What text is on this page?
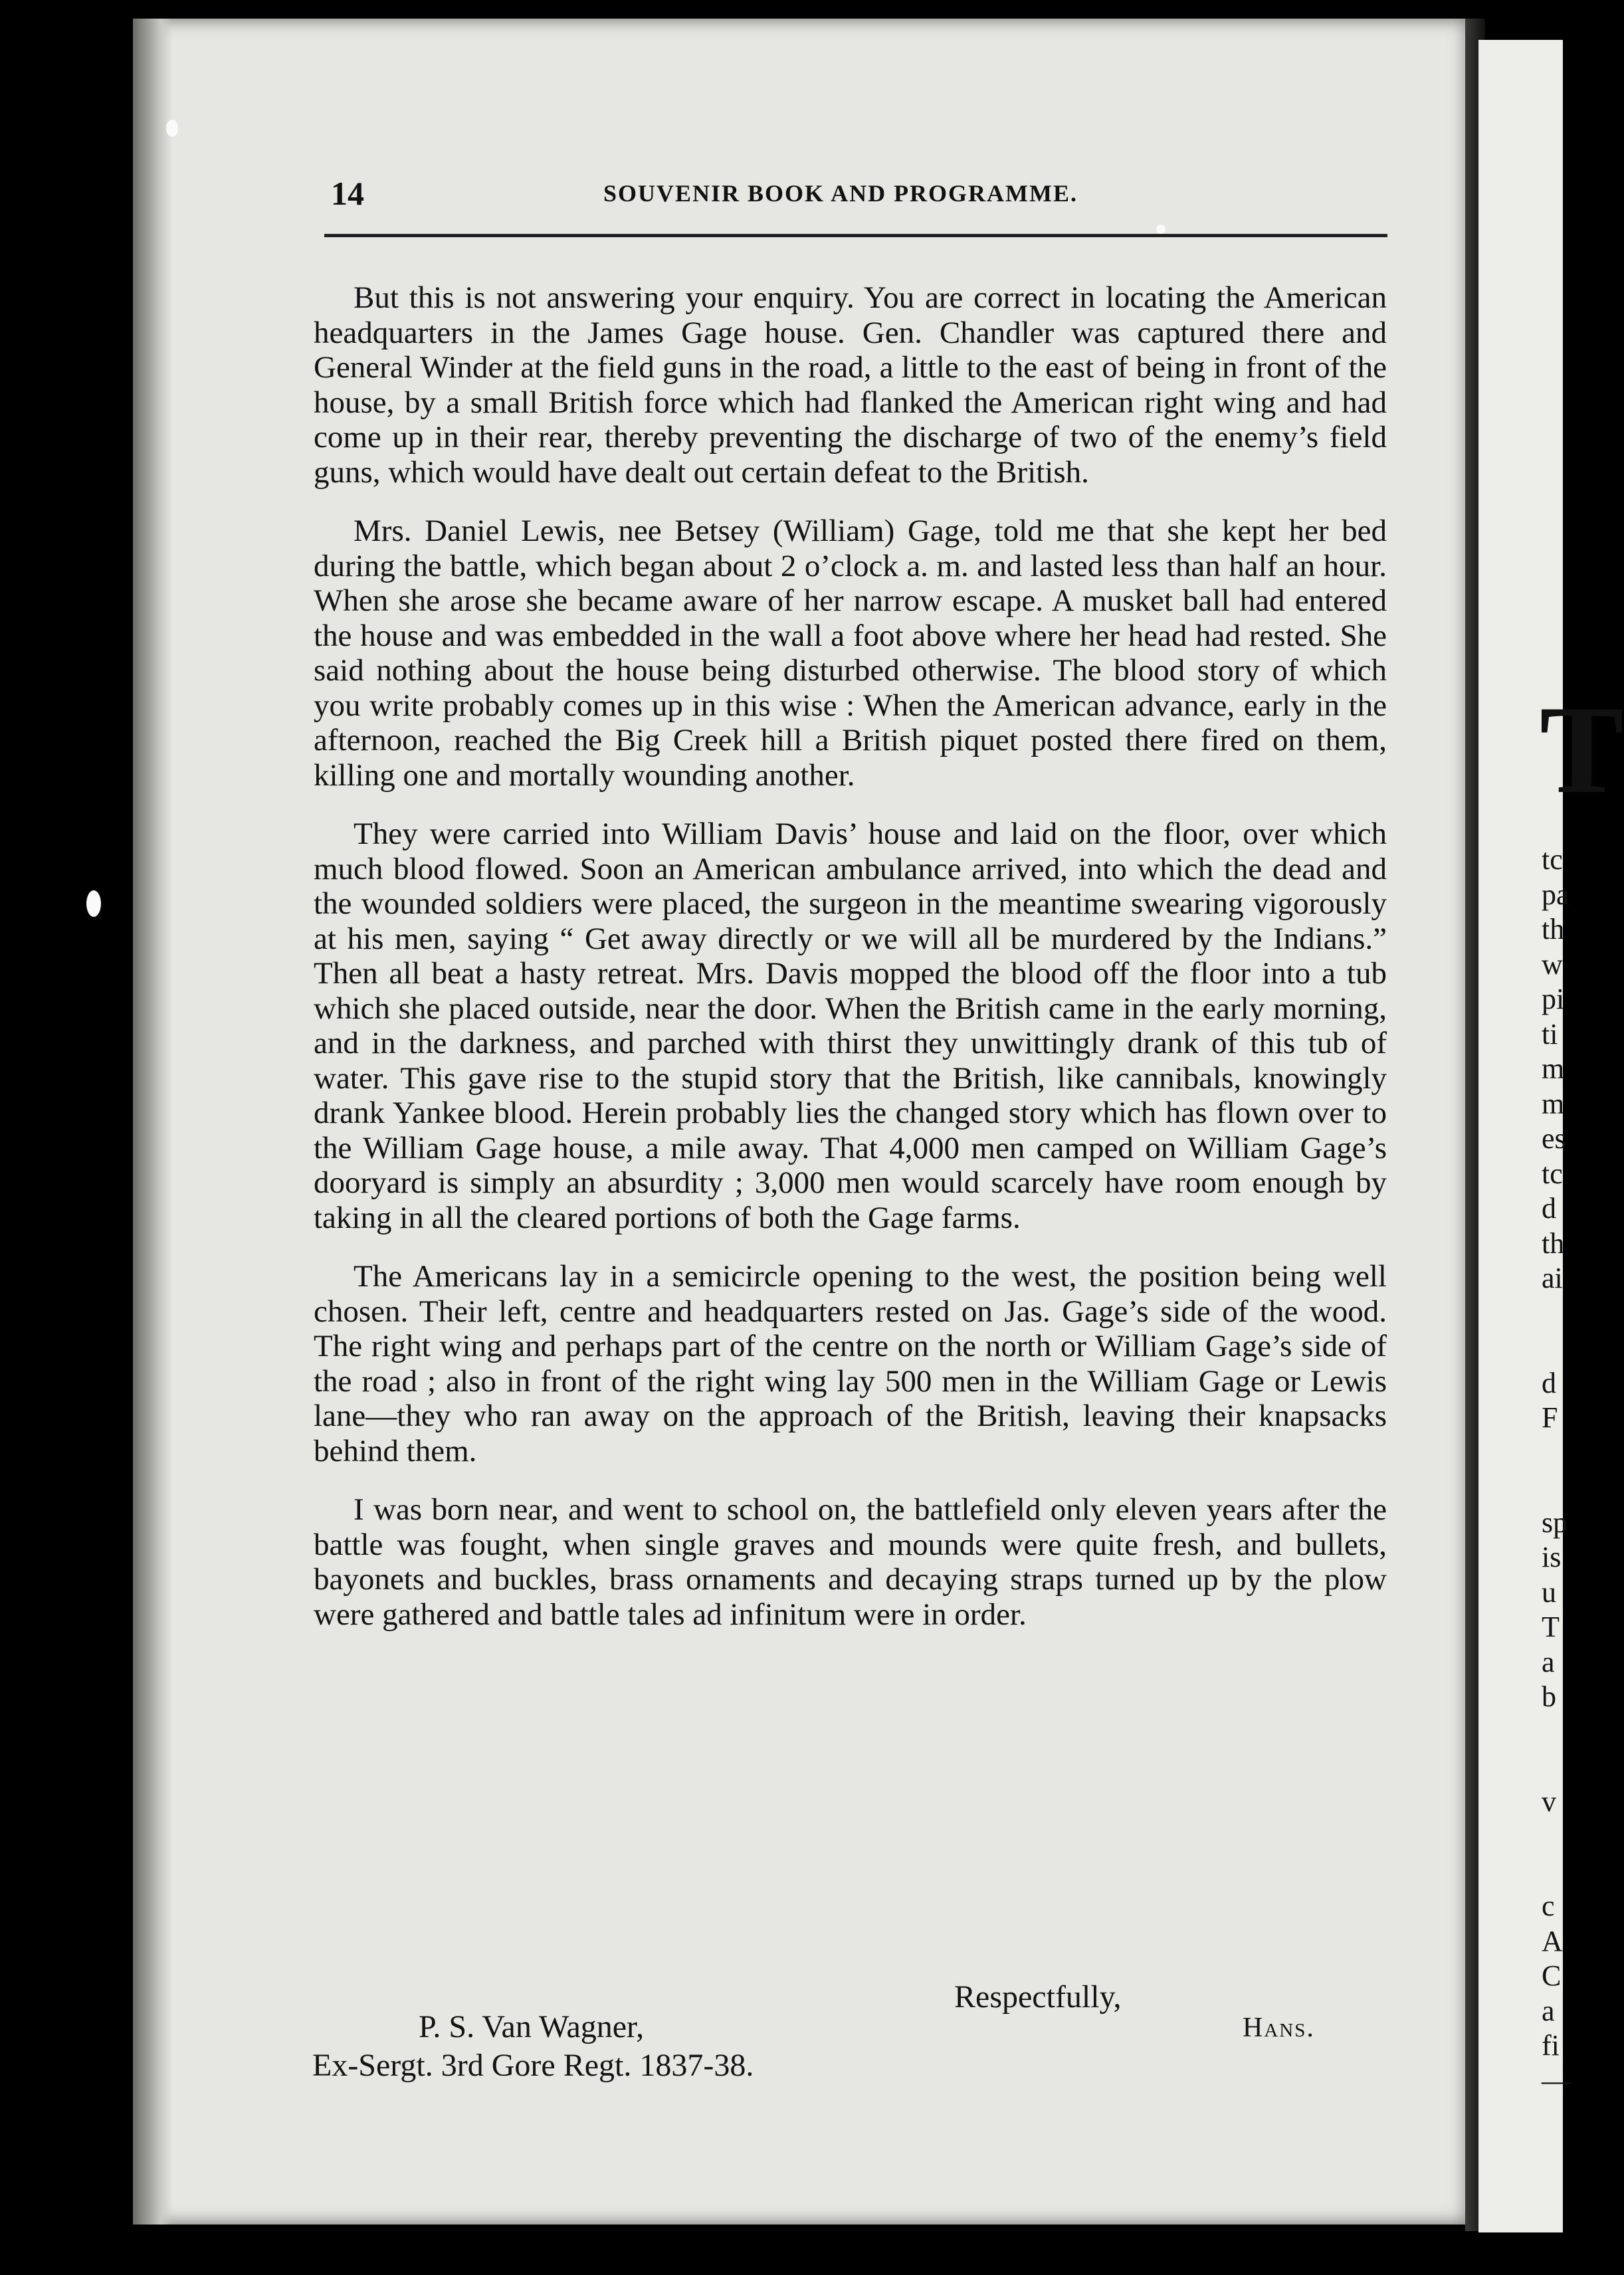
T
tc
pa
th
w
pi
ti
m
m
es
tc
d
th
ai
d
F
sp
is
u
T
a
b
v
c
A
C
a
fi
—
14	SOUVENIR BOOK AND PROGRAMME.

But this is not answering your enquiry. You are correct in locating the American headquarters in the James Gage house. Gen. Chandler was captured there and General Winder at the field guns in the road, a little to the east of being in front of the house, by a small British force which had flanked the American right wing and had come up in their rear, thereby preventing the discharge of two of the enemy’s field guns, which would have dealt out certain defeat to the British.

Mrs. Daniel Lewis, nee Betsey (William) Gage, told me that she kept her bed during the battle, which began about 2 o’clock a. m. and lasted less than half an hour. When she arose she became aware of her narrow escape. A musket ball had entered the house and was embedded in the wall a foot above where her head had rested. She said nothing about the house being disturbed otherwise. The blood story of which you write probably comes up in this wise : When the American advance, early in the afternoon, reached the Big Creek hill a British piquet posted there fired on them, killing one and mortally wounding another.

They were carried into William Davis’ house and laid on the floor, over which much blood flowed. Soon an American ambulance arrived, into which the dead and the wounded soldiers were placed, the surgeon in the meantime swearing vigorously at his men, saying “ Get away directly or we will all be murdered by the Indians.” Then all beat a hasty retreat. Mrs. Davis mopped the blood off the floor into a tub which she placed outside, near the door. When the British came in the early morning, and in the darkness, and parched with thirst they unwittingly drank of this tub of water. This gave rise to the stupid story that the British, like cannibals, knowingly drank Yankee blood. Herein probably lies the changed story which has flown over to the William Gage house, a mile away. That 4,000 men camped on William Gage’s dooryard is simply an absurdity ; 3,000 men would scarcely have room enough by taking in all the cleared portions of both the Gage farms.

The Americans lay in a semicircle opening to the west, the position being well chosen. Their left, centre and headquarters rested on Jas. Gage’s side of the wood. The right wing and perhaps part of the centre on the north or William Gage’s side of the road ; also in front of the right wing lay 500 men in the William Gage or Lewis lane—they who ran away on the approach of the British, leaving their knapsacks behind them.

I was born near, and went to school on, the battlefield only eleven years after the battle was fought, when single graves and mounds were quite fresh, and bullets, bayonets and buckles, brass ornaments and decaying straps turned up by the plow were gathered and battle tales ad infinitum were in order.

Respectfully,
P. S. Van Wagner,
Ex-Sergt. 3rd Gore Regt. 1837-38.
Hans.
